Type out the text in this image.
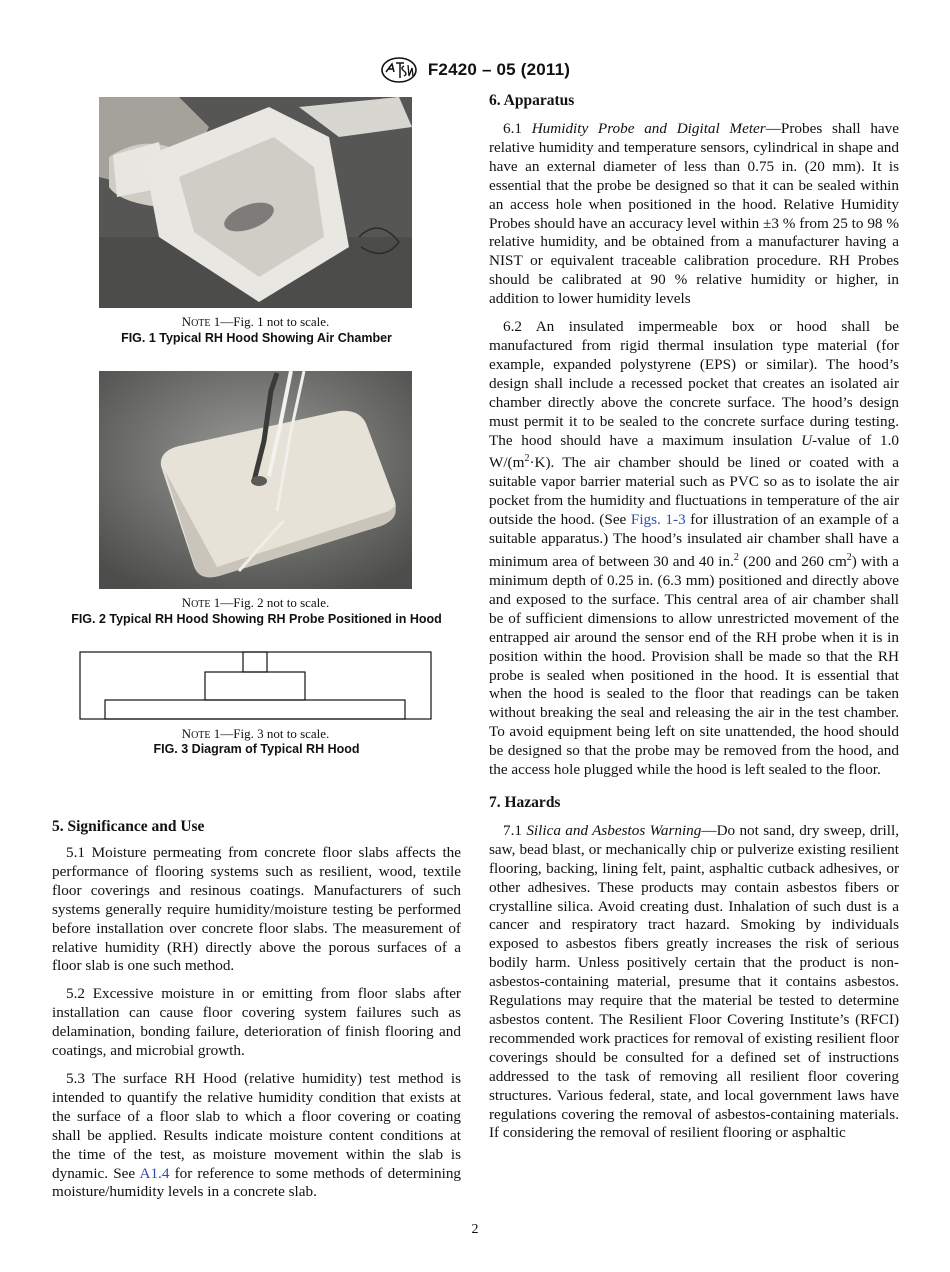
F2420 – 05 (2011)
NOTE 1—Fig. 1 not to scale.
FIG. 1 Typical RH Hood Showing Air Chamber
NOTE 1—Fig. 2 not to scale.
FIG. 2 Typical RH Hood Showing RH Probe Positioned in Hood
NOTE 1—Fig. 3 not to scale.
FIG. 3 Diagram of Typical RH Hood
5. Significance and Use

5.1 Moisture permeating from concrete floor slabs affects the performance of flooring systems such as resilient, wood, textile floor coverings and resinous coatings. Manufacturers of such systems generally require humidity/moisture testing be performed before installation over concrete floor slabs. The measurement of relative humidity (RH) directly above the porous surfaces of a floor slab is one such method.

5.2 Excessive moisture in or emitting from floor slabs after installation can cause floor covering system failures such as delamination, bonding failure, deterioration of finish flooring and coatings, and microbial growth.

5.3 The surface RH Hood (relative humidity) test method is intended to quantify the relative humidity condition that exists at the surface of a floor slab to which a floor covering or coating shall be applied. Results indicate moisture content conditions at the time of the test, as moisture movement within the slab is dynamic. See A1.4 for reference to some methods of determining moisture/humidity levels in a concrete slab.

6. Apparatus

6.1 Humidity Probe and Digital Meter—Probes shall have relative humidity and temperature sensors, cylindrical in shape and have an external diameter of less than 0.75 in. (20 mm). It is essential that the probe be designed so that it can be sealed within an access hole when positioned in the hood. Relative Humidity Probes should have an accuracy level within ±3 % from 25 to 98 % relative humidity, and be obtained from a manufacturer having a NIST or equivalent traceable calibration procedure. RH Probes should be calibrated at 90 % relative humidity or higher, in addition to lower humidity levels

6.2 An insulated impermeable box or hood shall be manufactured from rigid thermal insulation type material (for example, expanded polystyrene (EPS) or similar). The hood’s design shall include a recessed pocket that creates an isolated air chamber directly above the concrete surface. The hood’s design must permit it to be sealed to the concrete surface during testing. The hood should have a maximum insulation U-value of 1.0 $W/(m^2\cdot K)$. The air chamber should be lined or coated with a suitable vapor barrier material such as PVC so as to isolate the air pocket from the humidity and fluctuations in temperature of the air outside the hood. (See Figs. 1-3 for illustration of an example of a suitable apparatus.) The hood’s insulated air chamber shall have a minimum area of between 30 and 40 in.$^2$ (200 and 260 $cm^2$) with a minimum depth of 0.25 in. (6.3 mm) positioned and directly above and exposed to the surface. This central area of air chamber shall be of sufficient dimensions to allow unrestricted movement of the entrapped air around the sensor end of the RH probe when it is in position within the hood. Provision shall be made so that the RH probe is sealed when positioned in the hood. It is essential that when the hood is sealed to the floor that readings can be taken without breaking the seal and releasing the air in the test chamber. To avoid equipment being left on site unattended, the hood should be designed so that the probe may be removed from the hood, and the access hole plugged while the hood is left sealed to the floor.

7. Hazards

7.1 Silica and Asbestos Warning—Do not sand, dry sweep, drill, saw, bead blast, or mechanically chip or pulverize existing resilient flooring, backing, lining felt, paint, asphaltic cutback adhesives, or other adhesives. These products may contain asbestos fibers or crystalline silica. Avoid creating dust. Inhalation of such dust is a cancer and respiratory tract hazard. Smoking by individuals exposed to asbestos fibers greatly increases the risk of serious bodily harm. Unless positively certain that the product is non-asbestos-containing material, presume that it contains asbestos. Regulations may require that the material be tested to determine asbestos content. The Resilient Floor Covering Institute’s (RFCI) recommended work practices for removal of existing resilient floor coverings should be consulted for a defined set of instructions addressed to the task of removing all resilient floor covering structures. Various federal, state, and local government laws have regulations covering the removal of asbestos-containing materials. If considering the removal of resilient flooring or asphaltic

2
